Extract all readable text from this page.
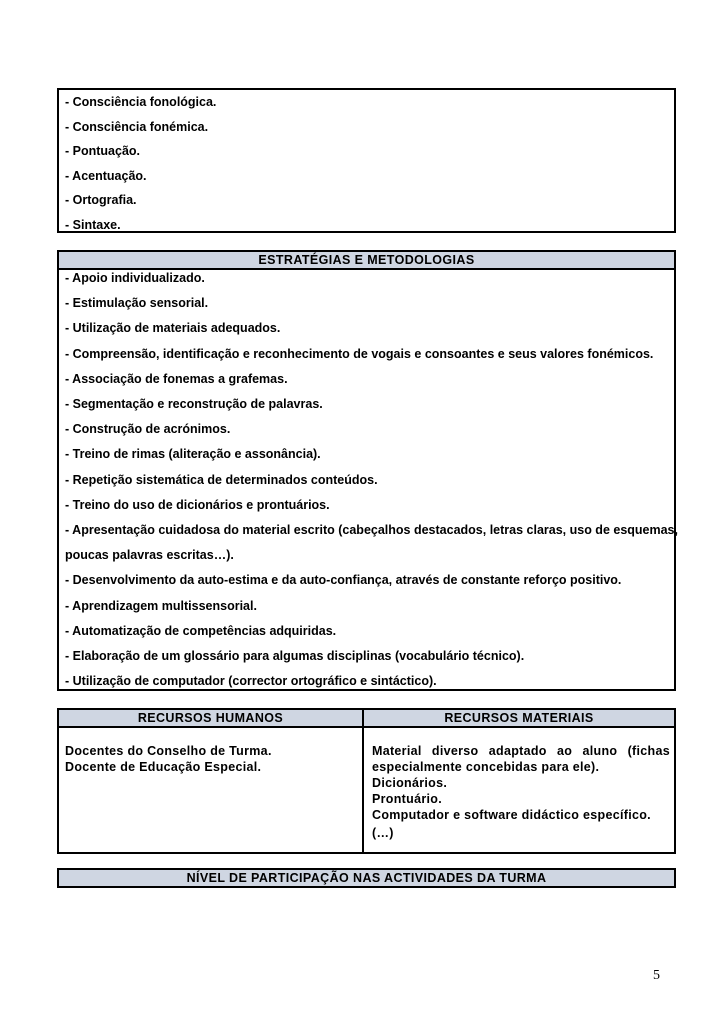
- Consciência fonológica.
- Consciência fonémica.
- Pontuação.
- Acentuação.
- Ortografia.
- Sintaxe.
ESTRATÉGIAS E METODOLOGIAS
- Apoio individualizado.
- Estimulação sensorial.
- Utilização de materiais adequados.
- Compreensão, identificação e reconhecimento de vogais e consoantes e seus valores fonémicos.
- Associação de fonemas a grafemas.
- Segmentação e reconstrução de palavras.
- Construção de acrónimos.
- Treino de rimas (aliteração e assonância).
- Repetição sistemática de determinados conteúdos.
- Treino do uso de dicionários e prontuários.
- Apresentação cuidadosa do material escrito (cabeçalhos destacados, letras claras, uso de esquemas,
poucas palavras escritas…).
- Desenvolvimento da auto-estima e da auto-confiança, através de constante reforço positivo.
- Aprendizagem multissensorial.
- Automatização de competências adquiridas.
- Elaboração de um glossário para algumas disciplinas (vocabulário técnico).
- Utilização de computador (corrector ortográfico e sintáctico).
RECURSOS HUMANOS	RECURSOS MATERIAIS
Docentes do Conselho de Turma.
Docente de Educação Especial.
Material diverso adaptado ao aluno (fichas especialmente concebidas para ele).
Dicionários.
Prontuário.
Computador e software didáctico específico.
(…)
NÍVEL DE PARTICIPAÇÃO NAS ACTIVIDADES DA TURMA
5
